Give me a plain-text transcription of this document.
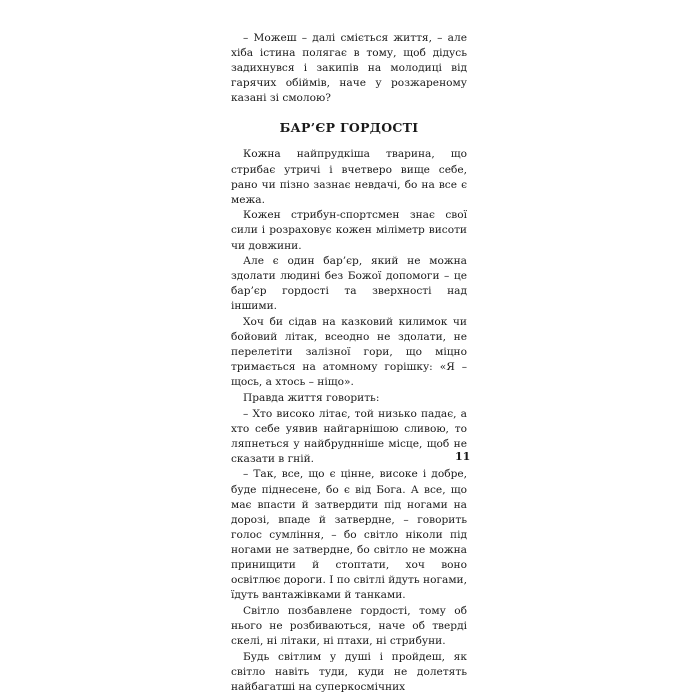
– Можеш – далі сміється життя, – але хіба істина полягає в тому, щоб дідусь задихнувся і закипів на молодиці від гарячих обіймів, наче у розжареному казані зі смолою?

БАР’ЄР ГОРДОСТІ

Кожна найпрудкіша тварина, що стрибає утричі і вчетверо вище себе, рано чи пізно зазнає невдачі, бо на все є межа.

Кожен стрибун-спортсмен знає свої сили і розраховує кожен міліметр висоти чи довжини.

Але є один бар’єр, який не можна здолати людині без Божої допомоги – це бар’єр гордості та зверхності над іншими.

Хоч би сідав на казковий килимок чи бойовий літак, всеодно не здолати, не перелетіти залізної гори, що міцно тримається на атомному горішку: «Я – щось, а хтось – ніщо».

Правда життя говорить:

– Хто високо літає, той низько падає, а хто себе уявив найгарнішою сливою, то ляпнеться у найбруднніше місце, щоб не сказати в гній.

– Так, все, що є цінне, високе і добре, буде піднесене, бо є від Бога. А все, що має впасти й затвердити під ногами на дорозі, впаде й затвердне, – говорить голос сумління, – бо світло ніколи під ногами не затвердне, бо світло не можна принищити й стоптати, хоч воно освітлює дороги. І по світлі йдуть ногами, їдуть вантажівками й танками.

Світло позбавлене гордості, тому об нього не розбиваються, наче об тверді скелі, ні літаки, ні птахи, ні стрибуни.

Будь світлим у душі і пройдеш, як світло навіть туди, куди не долетять найбагатші на суперкосмічних

11
